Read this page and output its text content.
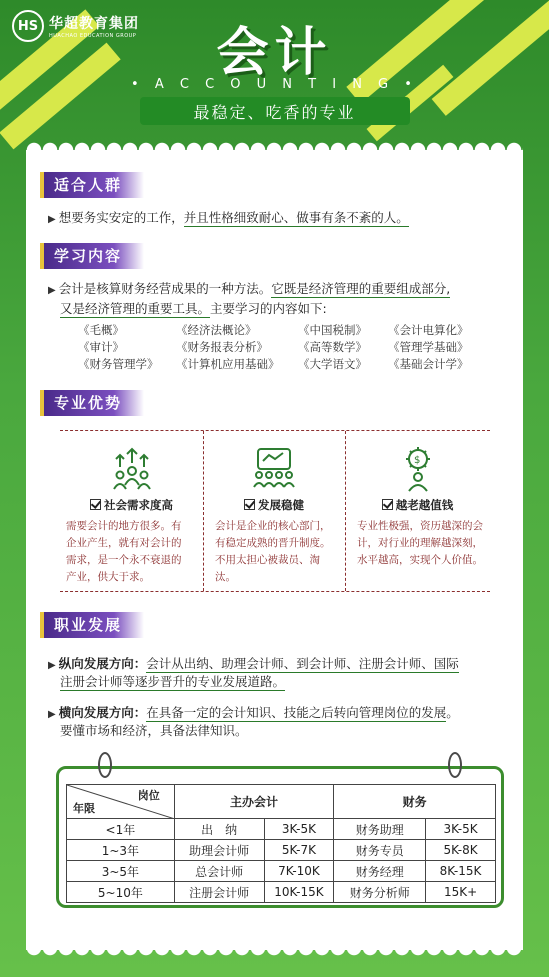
HS 华超教育集团
HUACHAO EDUCATION GROUP	会计
• A C C O U N T I N G •
最稳定、吃香的专业
适合人群
▶ 想要务实安定的工作，并且性格细致耐心、做事有条不紊的人。
学习内容
▶ 会计是核算财务经营成果的一种方法。它既是经济管理的重要组成部分,
又是经济管理的重要工具。主要学习的内容如下:
《毛概》	《经济法概论》	《中国税制》	《会计电算化》
《审计》	《财务报表分析》	《高等数学》	《管理学基础》
《财务管理学》	《计算机应用基础》	《大学语文》	《基础会计学》
专业优势
社会需求度高
需要会计的地方很多。有企业产生，就有对会计的需求，是一个永不衰退的产业，供大于求。
发展稳健
会计是企业的核心部门，有稳定成熟的晋升制度。不用太担心被裁员、淘汰。
$
越老越值钱
专业性极强，资历越深的会计，对行业的理解越深刻，水平越高，实现个人价值。
职业发展
▶ 纵向发展方向：会计从出纳、助理会计师、到会计师、注册会计师、国际
注册会计师等逐步晋升的专业发展道路。
▶ 横向发展方向：在具备一定的会计知识、技能之后转向管理岗位的发展。
要懂市场和经济，具备法律知识。
岗位
年限	主办会计		财务	
<1年	出　纳	3K-5K	财务助理	3K-5K
1~3年	助理会计师	5K-7K	财务专员	5K-8K
3~5年	总会计师	7K-10K	财务经理	8K-15K
5~10年	注册会计师	10K-15K	财务分析师	15K+
